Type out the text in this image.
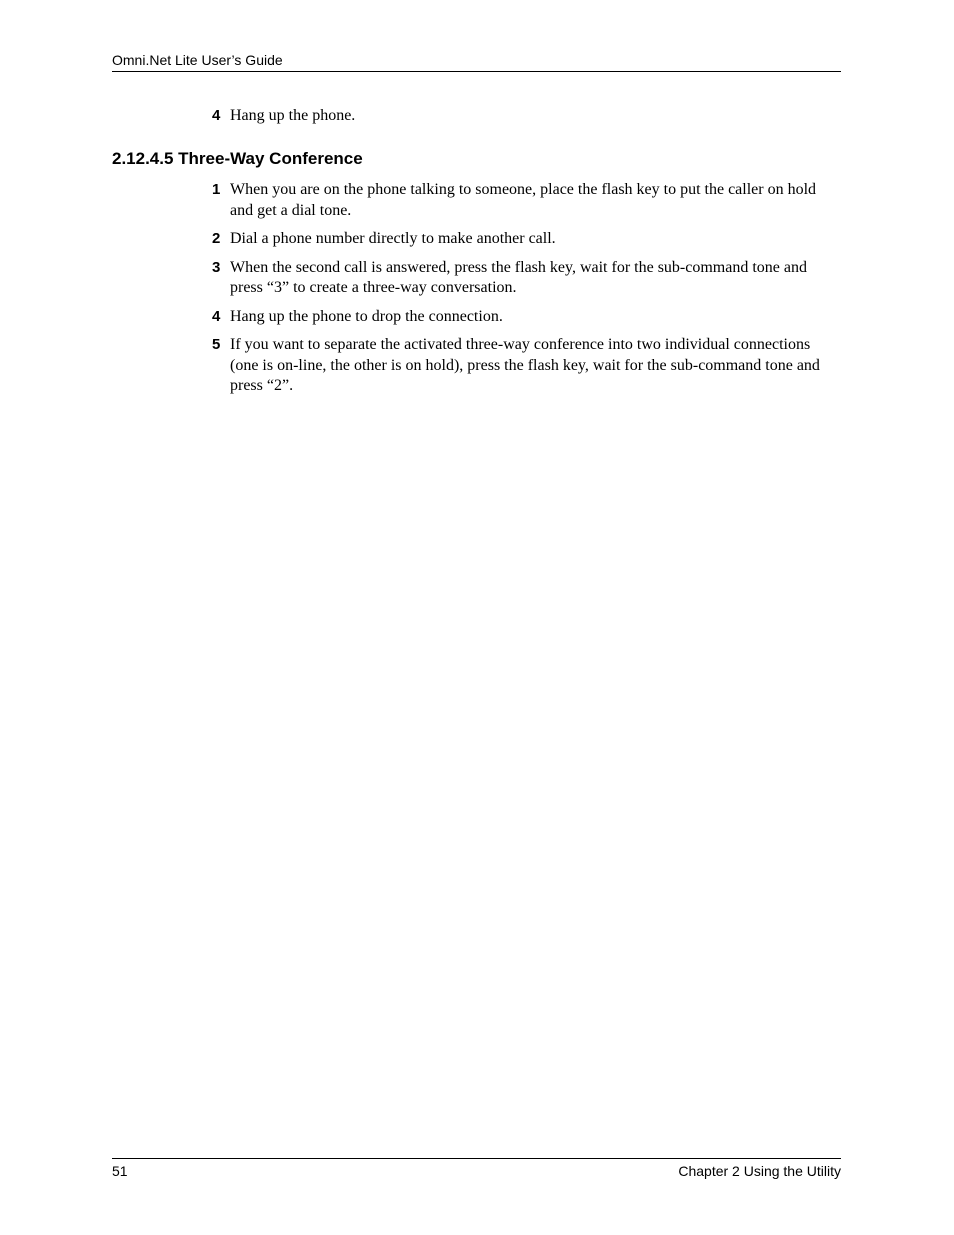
Omni.Net Lite User’s Guide
4 Hang up the phone.
2.12.4.5 Three-Way Conference
1 When you are on the phone talking to someone, place the flash key to put the caller on hold and get a dial tone.
2 Dial a phone number directly to make another call.
3 When the second call is answered, press the flash key, wait for the sub-command tone and press “3” to create a three-way conversation.
4 Hang up the phone to drop the connection.
5 If you want to separate the activated three-way conference into two individual connections (one is on-line, the other is on hold), press the flash key, wait for the sub-command tone and press “2”.
51	Chapter 2 Using the Utility
